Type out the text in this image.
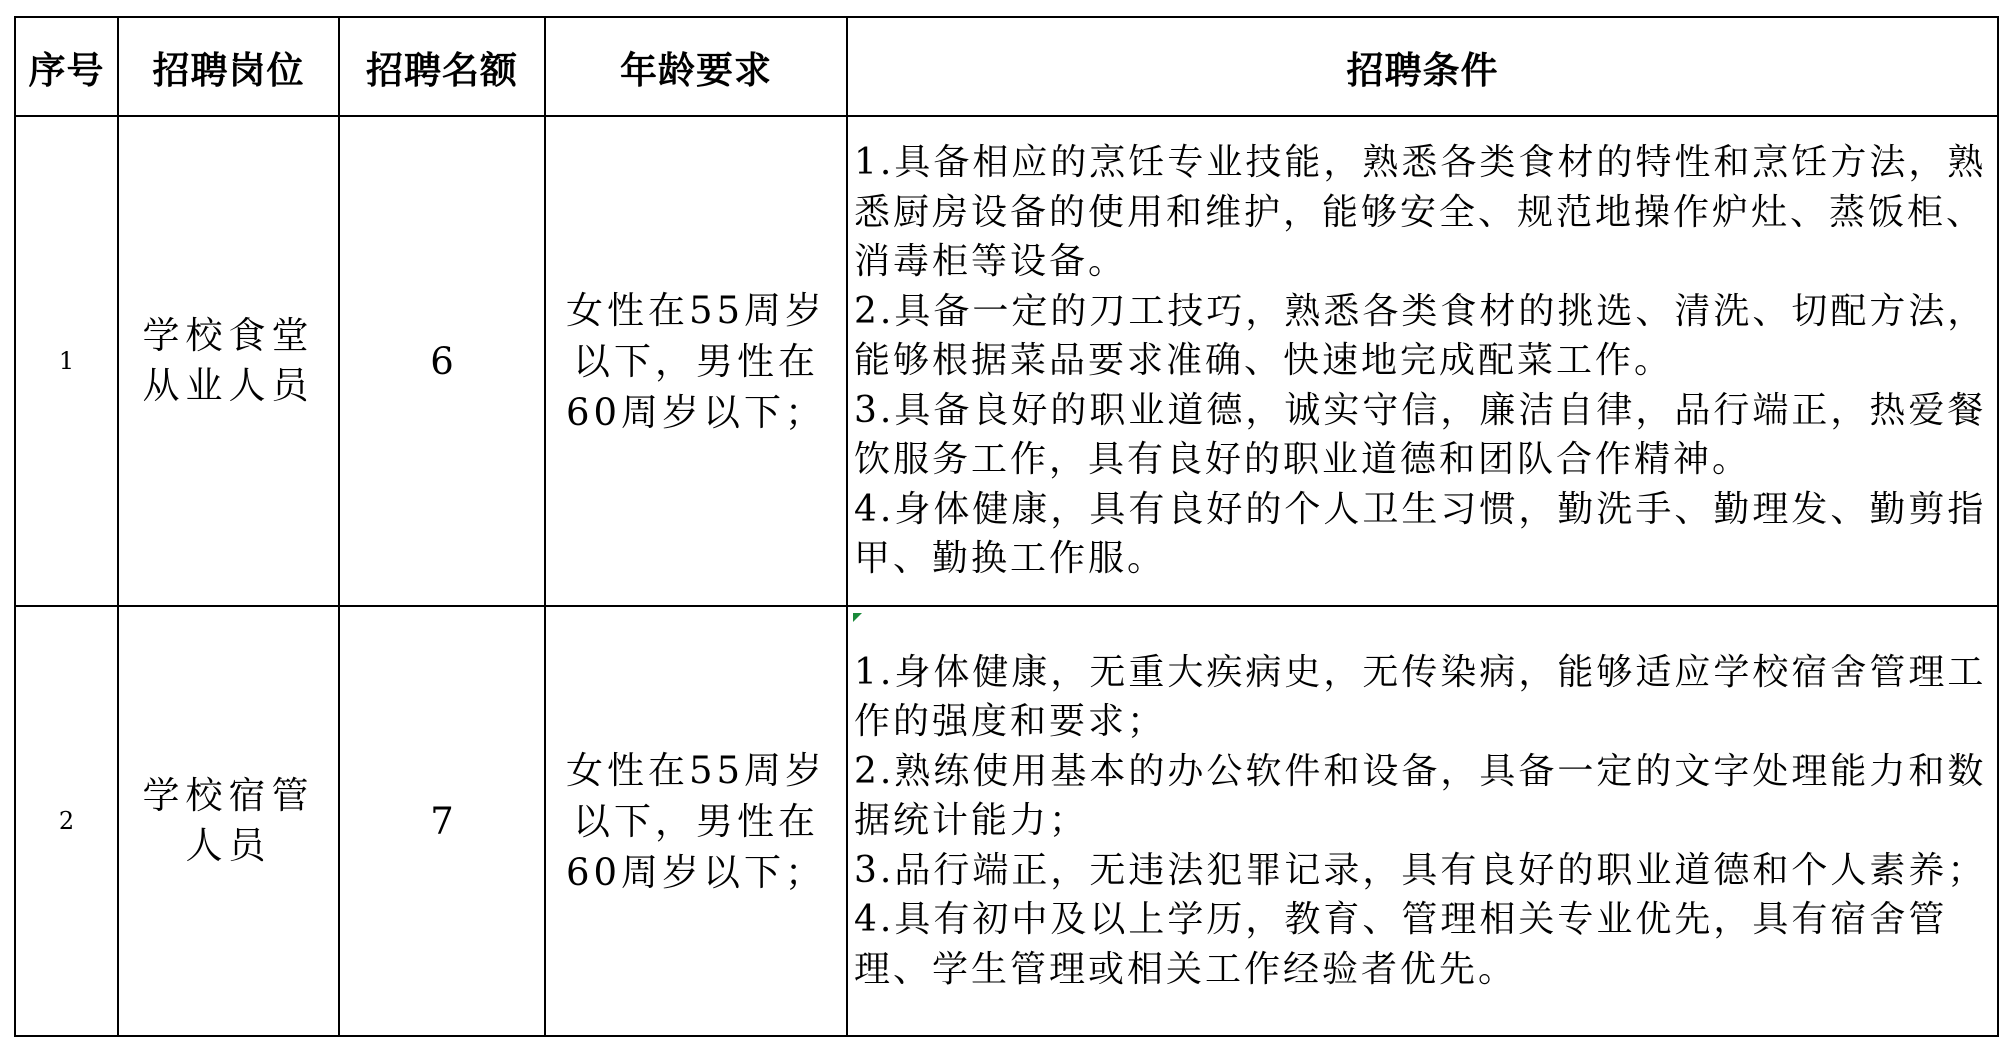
序号	招聘岗位	招聘名额	年龄要求	招聘条件
1	学校食堂从业人员	6	女性在55周岁以下，男性在60周岁以下；	1.具备相应的烹饪专业技能，熟悉各类食材的特性和烹饪方法，熟悉厨房设备的使用和维护，能够安全、规范地操作炉灶、蒸饭柜、消毒柜等设备。
2.具备一定的刀工技巧，熟悉各类食材的挑选、清洗、切配方法，能够根据菜品要求准确、快速地完成配菜工作。
3.具备良好的职业道德，诚实守信，廉洁自律，品行端正，热爱餐饮服务工作，具有良好的职业道德和团队合作精神。
4.身体健康，具有良好的个人卫生习惯，勤洗手、勤理发、勤剪指甲、勤换工作服。

2	学校宿管人员	7	女性在55周岁以下，男性在60周岁以下；	1.身体健康，无重大疾病史，无传染病，能够适应学校宿舍管理工作的强度和要求；
2.熟练使用基本的办公软件和设备，具备一定的文字处理能力和数据统计能力；
3.品行端正，无违法犯罪记录，具有良好的职业道德和个人素养；
4.具有初中及以上学历，教育、管理相关专业优先，具有宿舍管理、学生管理或相关工作经验者优先。
